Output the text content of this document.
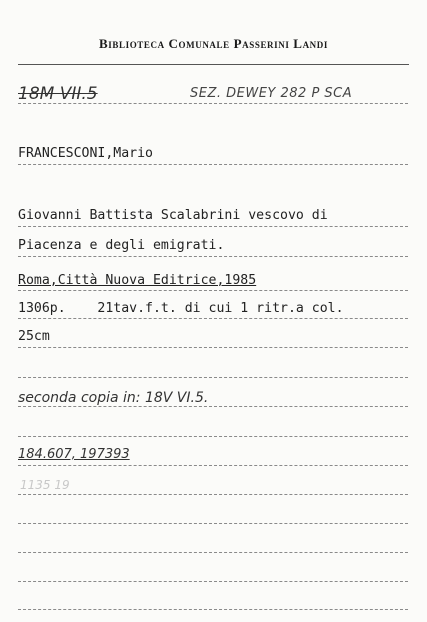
Biblioteca Comunale Passerini Landi
18M VII.5	SEZ. DEWEY 282 P SCA
FRANCESCONI,Mario
Giovanni Battista Scalabrini vescovo di
Piacenza e degli emigrati.
Roma,Città Nuova Editrice,1985
1306p.    21tav.f.t. di cui 1 ritr.a col.
25cm
seconda copia in: 18V VI.5.
184.607, 197393
1135 19
